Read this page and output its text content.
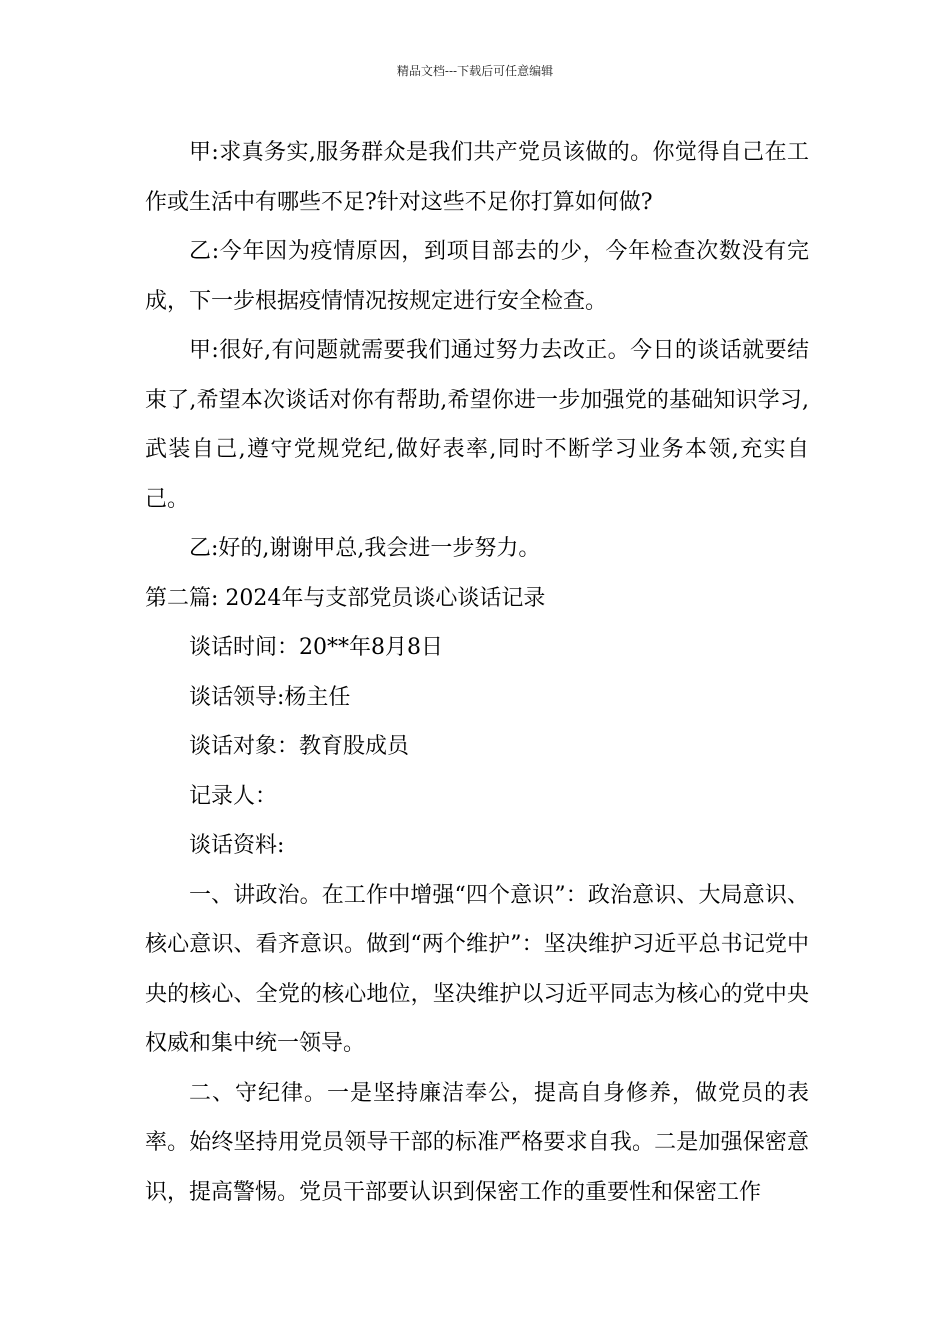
精品文档---下载后可任意编辑

甲:求真务实,服务群众是我们共产党员该做的。你觉得自己在工作或生活中有哪些不足?针对这些不足你打算如何做?

乙:今年因为疫情原因，到项目部去的少，今年检查次数没有完成，下一步根据疫情情况按规定进行安全检查。

甲:很好,有问题就需要我们通过努力去改正。今日的谈话就要结束了,希望本次谈话对你有帮助,希望你进一步加强党的基础知识学习,武装自己,遵守党规党纪,做好表率,同时不断学习业务本领,充实自己。

乙:好的,谢谢甲总,我会进一步努力。

第二篇: 2024年与支部党员谈心谈话记录

谈话时间：20**年8月8日

谈话领导:杨主任

谈话对象：教育股成员

记录人：

谈话资料:

一、讲政治。在工作中增强“四个意识”：政治意识、大局意识、核心意识、看齐意识。做到“两个维护”：坚决维护习近平总书记党中央的核心、全党的核心地位，坚决维护以习近平同志为核心的党中央权威和集中统一领导。

二、守纪律。一是坚持廉洁奉公，提高自身修养，做党员的表率。始终坚持用党员领导干部的标准严格要求自我。二是加强保密意识，提高警惕。党员干部要认识到保密工作的重要性和保密工作
